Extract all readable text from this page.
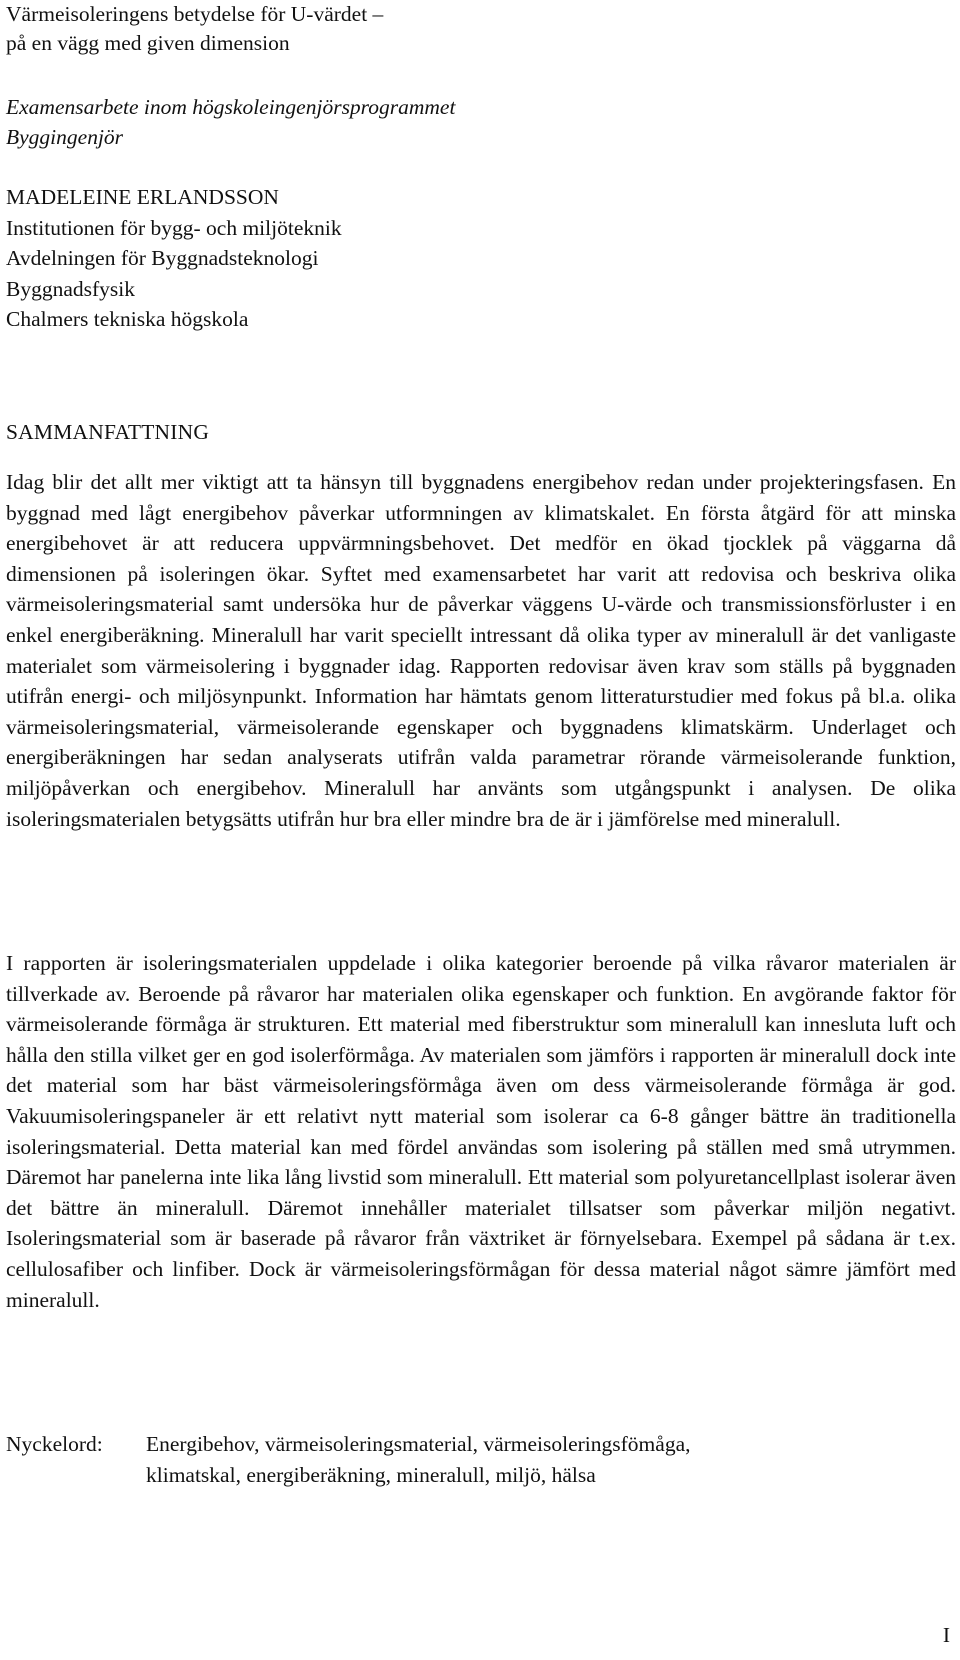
Värmeisoleringens betydelse för U-värdet –
på en vägg med given dimension
Examensarbete inom högskoleingenjörsprogrammet
Byggingenjör
MADELEINE ERLANDSSON
Institutionen för bygg- och miljöteknik
Avdelningen för Byggnadsteknologi
Byggnadsfysik
Chalmers tekniska högskola
SAMMANFATTNING

Idag blir det allt mer viktigt att ta hänsyn till byggnadens energibehov redan under projekteringsfasen. En byggnad med lågt energibehov påverkar utformningen av klimatskalet. En första åtgärd för att minska energibehovet är att reducera uppvärmningsbehovet. Det medför en ökad tjocklek på väggarna då dimensionen på isoleringen ökar. Syftet med examensarbetet har varit att redovisa och beskriva olika värmeisoleringsmaterial samt undersöka hur de påverkar väggens U-värde och transmissionsförluster i en enkel energiberäkning. Mineralull har varit speciellt intressant då olika typer av mineralull är det vanligaste materialet som värmeisolering i byggnader idag. Rapporten redovisar även krav som ställs på byggnaden utifrån energi- och miljösynpunkt. Information har hämtats genom litteraturstudier med fokus på bl.a. olika värmeisoleringsmaterial, värmeisolerande egenskaper och byggnadens klimatskärm. Underlaget och energiberäkningen har sedan analyserats utifrån valda parametrar rörande värmeisolerande funktion, miljöpåverkan och energibehov. Mineralull har använts som utgångspunkt i analysen. De olika isoleringsmaterialen betygsätts utifrån hur bra eller mindre bra de är i jämförelse med mineralull.

I rapporten är isoleringsmaterialen uppdelade i olika kategorier beroende på vilka råvaror materialen är tillverkade av. Beroende på råvaror har materialen olika egenskaper och funktion. En avgörande faktor för värmeisolerande förmåga är strukturen. Ett material med fiberstruktur som mineralull kan innesluta luft och hålla den stilla vilket ger en god isolerförmåga. Av materialen som jämförs i rapporten är mineralull dock inte det material som har bäst värmeisoleringsförmåga även om dess värmeisolerande förmåga är god. Vakuumisoleringspaneler är ett relativt nytt material som isolerar ca 6-8 gånger bättre än traditionella isoleringsmaterial. Detta material kan med fördel användas som isolering på ställen med små utrymmen. Däremot har panelerna inte lika lång livstid som mineralull. Ett material som polyuretancellplast isolerar även det bättre än mineralull. Däremot innehåller materialet tillsatser som påverkar miljön negativt. Isoleringsmaterial som är baserade på råvaror från växtriket är förnyelsebara. Exempel på sådana är t.ex. cellulosafiber och linfiber. Dock är värmeisoleringsförmågan för dessa material något sämre jämfört med mineralull.

Nyckelord: Energibehov, värmeisoleringsmaterial, värmeisoleringsfömåga,
klimatskal, energiberäkning, mineralull, miljö, hälsa
I
